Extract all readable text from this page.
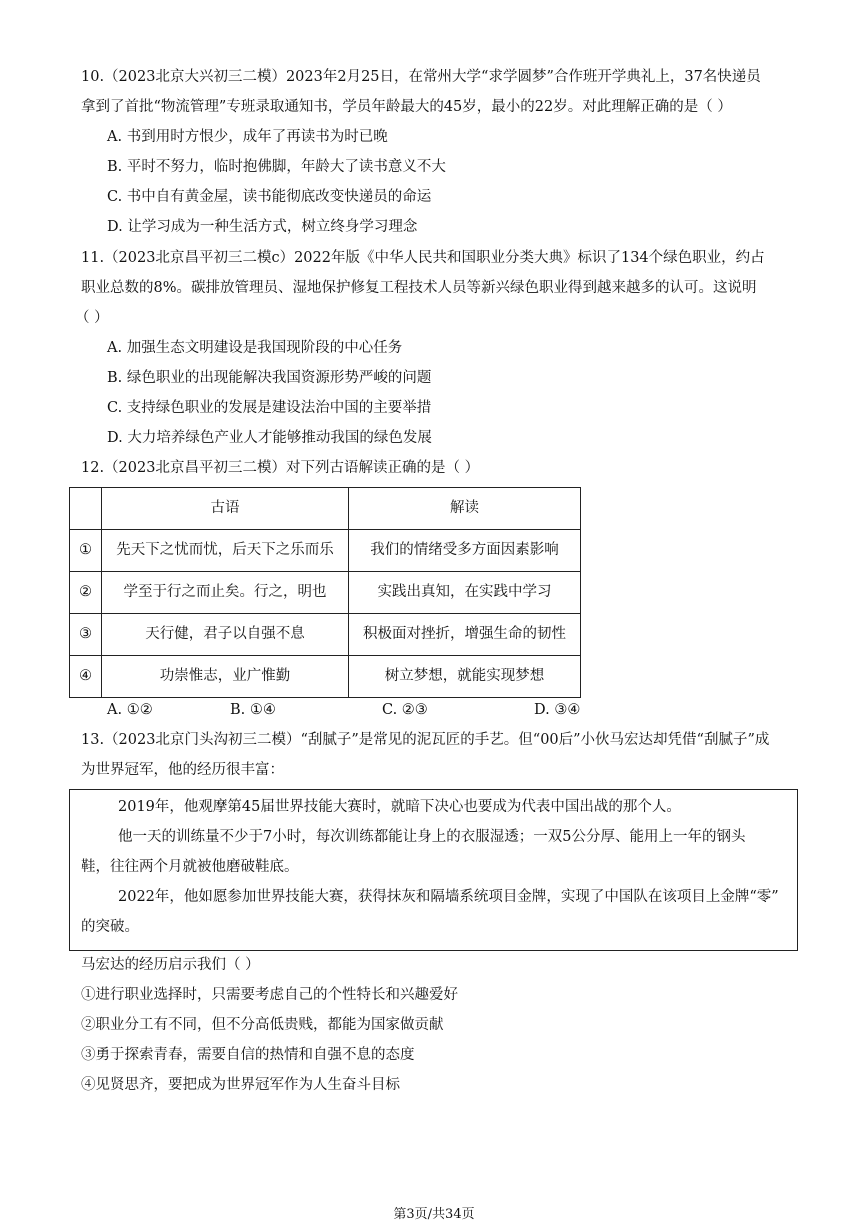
10.（2023北京大兴初三二模）2023年2月25日，在常州大学“求学圆梦”合作班开学典礼上，37名快递员
拿到了首批“物流管理”专班录取通知书，学员年龄最大的45岁，最小的22岁。对此理解正确的是（ ）
A. 书到用时方恨少，成年了再读书为时已晚
B. 平时不努力，临时抱佛脚，年龄大了读书意义不大
C. 书中自有黄金屋，读书能彻底改变快递员的命运
D. 让学习成为一种生活方式，树立终身学习理念
11.（2023北京昌平初三二模c）2022年版《中华人民共和国职业分类大典》标识了134个绿色职业，约占
职业总数的8%。碳排放管理员、湿地保护修复工程技术人员等新兴绿色职业得到越来越多的认可。这说明
（ ）
A. 加强生态文明建设是我国现阶段的中心任务
B. 绿色职业的出现能解决我国资源形势严峻的问题
C. 支持绿色职业的发展是建设法治中国的主要举措
D. 大力培养绿色产业人才能够推动我国的绿色发展
12.（2023北京昌平初三二模）对下列古语解读正确的是（ ）
	古语	解读
①	先天下之忧而忧，后天下之乐而乐	我们的情绪受多方面因素影响
②	学至于行之而止矣。行之，明也	实践出真知，在实践中学习
③	天行健，君子以自强不息	积极面对挫折，增强生命的韧性
④	功崇惟志，业广惟勤	树立梦想，就能实现梦想
A. ①②	B. ①④	C. ②③	D. ③④
13.（2023北京门头沟初三二模）“刮腻子”是常见的泥瓦匠的手艺。但“00后”小伙马宏达却凭借“刮腻子”成
为世界冠军，他的经历很丰富：
2019年，他观摩第45届世界技能大赛时，就暗下决心也要成为代表中国出战的那个人。
他一天的训练量不少于7小时，每次训练都能让身上的衣服湿透；一双5公分厚、能用上一年的钢头
鞋，往往两个月就被他磨破鞋底。
2022年，他如愿参加世界技能大赛，获得抹灰和隔墙系统项目金牌，实现了中国队在该项目上金牌“零”
的突破。
马宏达的经历启示我们（ ）
①进行职业选择时，只需要考虑自己的个性特长和兴趣爱好
②职业分工有不同，但不分高低贵贱，都能为国家做贡献
③勇于探索青春，需要自信的热情和自强不息的态度
④见贤思齐，要把成为世界冠军作为人生奋斗目标
第3页/共34页
